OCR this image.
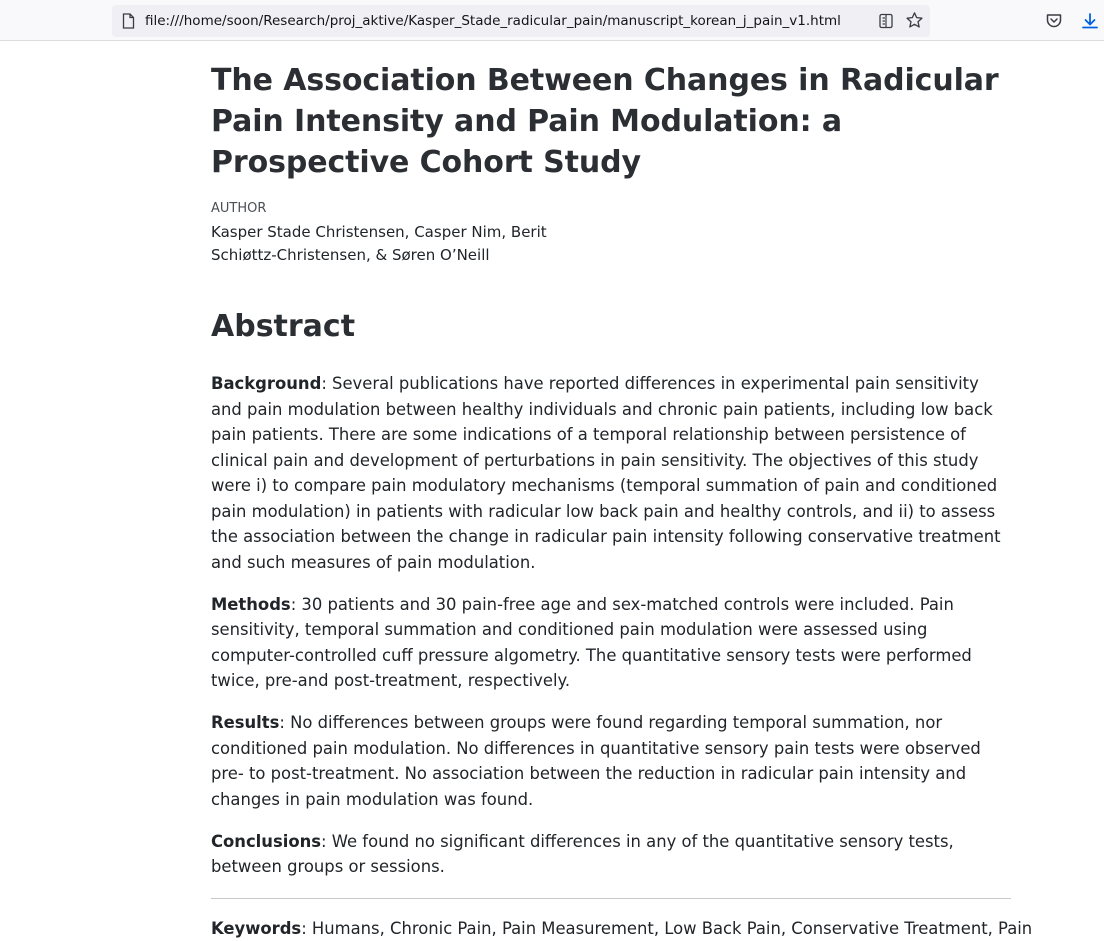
file:///home/soon/Research/proj_aktive/Kasper_Stade_radicular_pain/manuscript_korean_j_pain_v1.html
The Association Between Changes in Radicular Pain Intensity and Pain Modulation: a Prospective Cohort Study
AUTHOR
Kasper Stade Christensen, Casper Nim, Berit Schiøttz-Christensen, & Søren O’Neill
Abstract

Background: Several publications have reported differences in experimental pain sensitivity and pain modulation between healthy individuals and chronic pain patients, including low back pain patients. There are some indications of a temporal relationship between persistence of clinical pain and development of perturbations in pain sensitivity. The objectives of this study were i) to compare pain modulatory mechanisms (temporal summation of pain and conditioned pain modulation) in patients with radicular low back pain and healthy controls, and ii) to assess the association between the change in radicular pain intensity following conservative treatment and such measures of pain modulation.

Methods: 30 patients and 30 pain-free age and sex-matched controls were included. Pain sensitivity, temporal summation and conditioned pain modulation were assessed using computer-controlled cuff pressure algometry. The quantitative sensory tests were performed twice, pre-and post-treatment, respectively.

Results: No differences between groups were found regarding temporal summation, nor conditioned pain modulation. No differences in quantitative sensory pain tests were observed pre- to post-treatment. No association between the reduction in radicular pain intensity and changes in pain modulation was found.

Conclusions: We found no significant differences in any of the quantitative sensory tests, between groups or sessions.

Keywords: Humans, Chronic Pain, Pain Measurement, Low Back Pain, Conservative Treatment, Pain
